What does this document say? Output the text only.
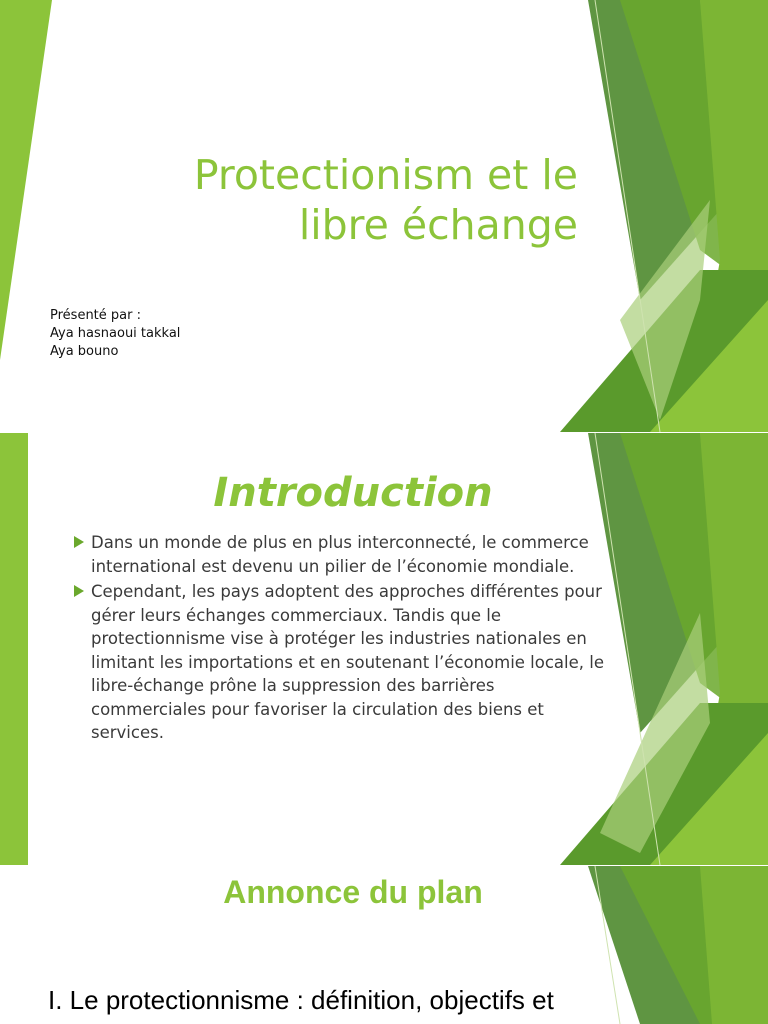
Protectionism et le
libre échange
Présenté par :
Aya hasnaoui takkal
Aya bouno
Introduction
Dans un monde de plus en plus interconnecté, le commerce international est devenu un pilier de l’économie mondiale.
Cependant, les pays adoptent des approches différentes pour gérer leurs échanges commerciaux. Tandis que le protectionnisme vise à protéger les industries nationales en limitant les importations et en soutenant l’économie locale, le libre-échange prône la suppression des barrières commerciales pour favoriser la circulation des biens et services.
Annonce du plan
I. Le protectionnisme : définition, objectifs et
